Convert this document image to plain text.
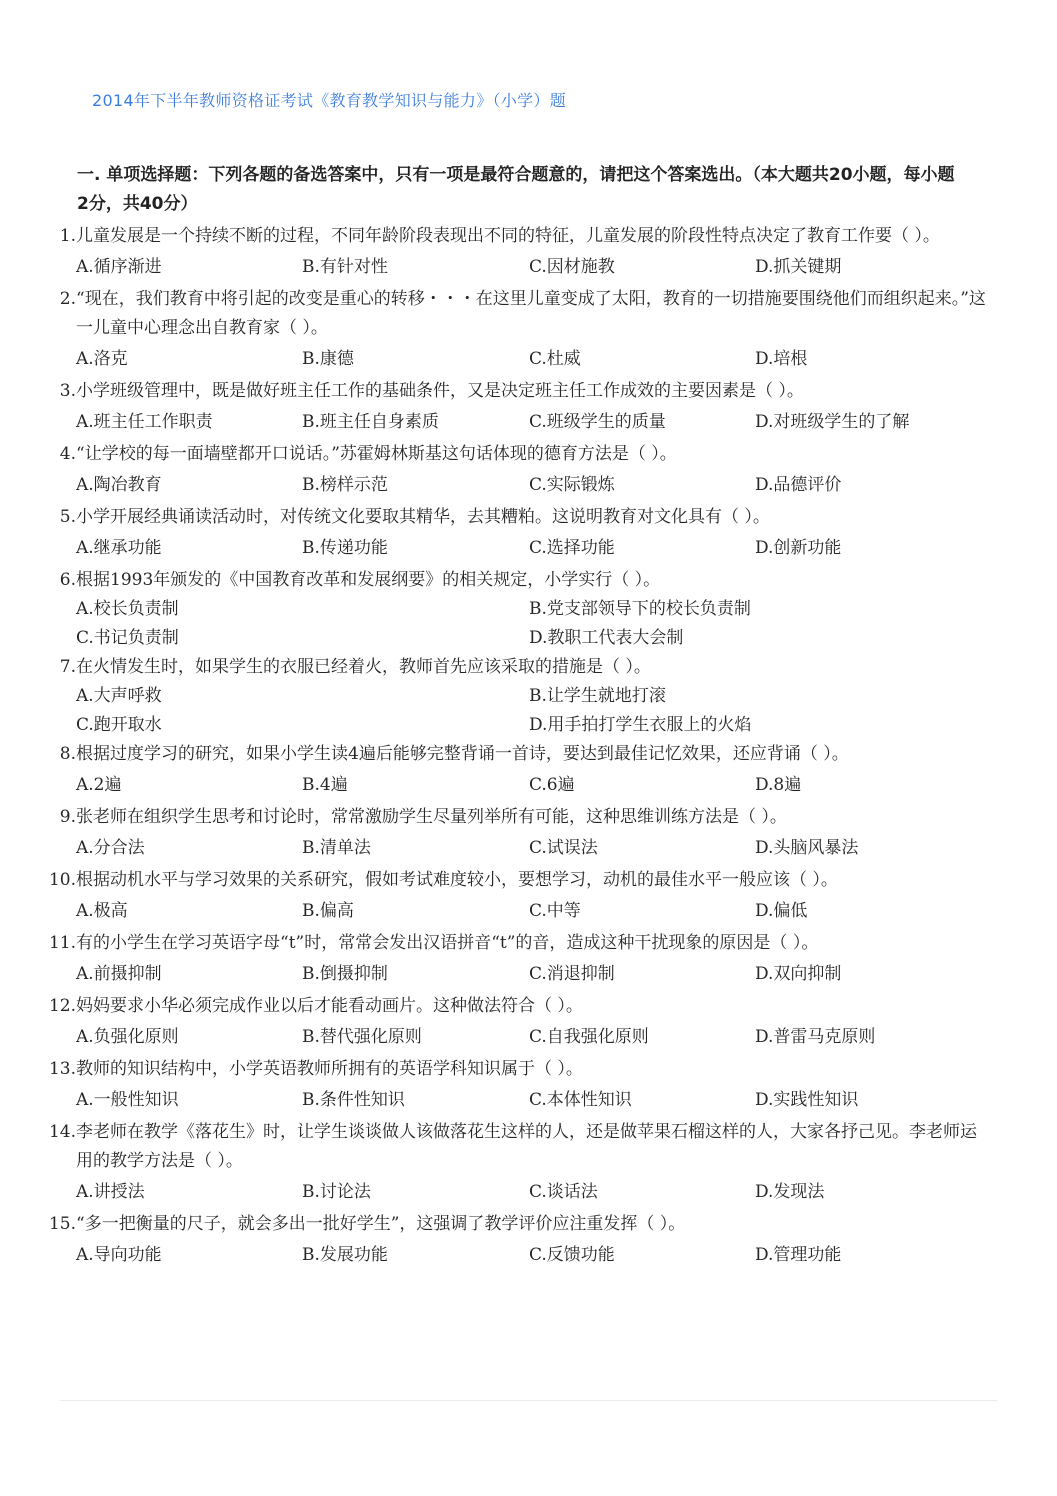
2014年下半年教师资格证考试《教育教学知识与能力》（小学）题
一. 单项选择题：下列各题的备选答案中，只有一项是最符合题意的，请把这个答案选出。（本大题共20小题，每小题2分，共40分）
1. 儿童发展是一个持续不断的过程，不同年龄阶段表现出不同的特征，儿童发展的阶段性特点决定了教育工作要（ ）。
A.循序渐进	B.有针对性	C.因材施教	D.抓关键期
2. “现在，我们教育中将引起的改变是重心的转移・・・在这里儿童变成了太阳，教育的一切措施要围绕他们而组织起来。”这一儿童中心理念出自教育家（ ）。
A.洛克	B.康德	C.杜威	D.培根
3. 小学班级管理中，既是做好班主任工作的基础条件，又是决定班主任工作成效的主要因素是（ ）。
A.班主任工作职责	B.班主任自身素质	C.班级学生的质量	D.对班级学生的了解
4. “让学校的每一面墙壁都开口说话。”苏霍姆林斯基这句话体现的德育方法是（ ）。
A.陶冶教育	B.榜样示范	C.实际锻炼	D.品德评价
5. 小学开展经典诵读活动时，对传统文化要取其精华，去其糟粕。这说明教育对文化具有（ ）。
A.继承功能	B.传递功能	C.选择功能	D.创新功能
6. 根据1993年颁发的《中国教育改革和发展纲要》的相关规定，小学实行（ ）。
A.校长负责制	B.党支部领导下的校长负责制
C.书记负责制	D.教职工代表大会制
7. 在火情发生时，如果学生的衣服已经着火，教师首先应该采取的措施是（ ）。
A.大声呼救	B.让学生就地打滚
C.跑开取水	D.用手拍打学生衣服上的火焰
8. 根据过度学习的研究，如果小学生读4遍后能够完整背诵一首诗，要达到最佳记忆效果，还应背诵（ ）。
A.2遍	B.4遍	C.6遍	D.8遍
9. 张老师在组织学生思考和讨论时，常常激励学生尽量列举所有可能，这种思维训练方法是（ ）。
A.分合法	B.清单法	C.试误法	D.头脑风暴法
10. 根据动机水平与学习效果的关系研究，假如考试难度较小，要想学习，动机的最佳水平一般应该（ ）。
A.极高	B.偏高	C.中等	D.偏低
11. 有的小学生在学习英语字母“t”时，常常会发出汉语拼音“t”的音，造成这种干扰现象的原因是（ ）。
A.前摄抑制	B.倒摄抑制	C.消退抑制	D.双向抑制
12. 妈妈要求小华必须完成作业以后才能看动画片。这种做法符合（ ）。
A.负强化原则	B.替代强化原则	C.自我强化原则	D.普雷马克原则
13. 教师的知识结构中，小学英语教师所拥有的英语学科知识属于（ ）。
A.一般性知识	B.条件性知识	C.本体性知识	D.实践性知识
14. 李老师在教学《落花生》时，让学生谈谈做人该做落花生这样的人，还是做苹果石榴这样的人，大家各抒己见。李老师运用的教学方法是（ ）。
A.讲授法	B.讨论法	C.谈话法	D.发现法
15. “多一把衡量的尺子，就会多出一批好学生”，这强调了教学评价应注重发挥（ ）。
A.导向功能	B.发展功能	C.反馈功能	D.管理功能
